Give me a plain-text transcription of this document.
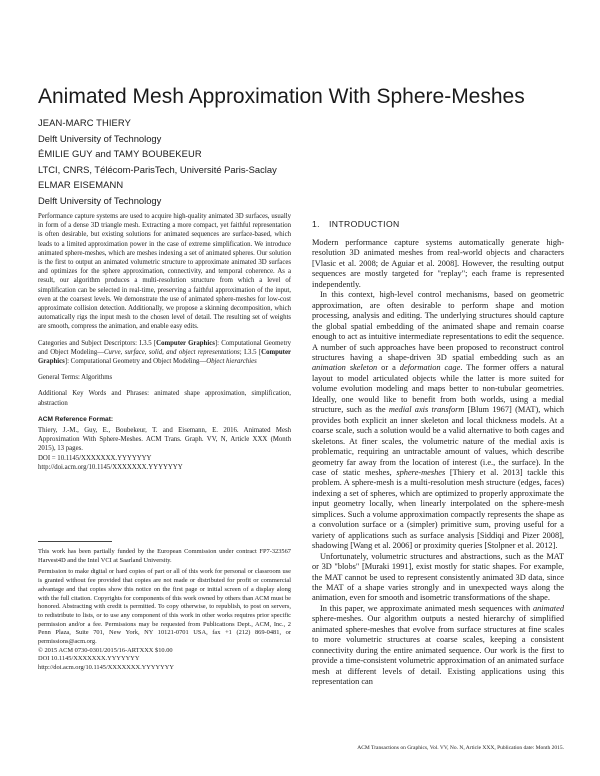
Animated Mesh Approximation With Sphere-Meshes
JEAN-MARC THIERY
Delft University of Technology
ÉMILIE GUY and TAMY BOUBEKEUR
LTCI, CNRS, Télécom-ParisTech, Université Paris-Saclay
ELMAR EISEMANN
Delft University of Technology

Performance capture systems are used to acquire high-quality animated 3D surfaces, usually in form of a dense 3D triangle mesh. Extracting a more compact, yet faithful representation is often desirable, but existing solutions for animated sequences are surface-based, which leads to a limited approximation power in the case of extreme simplification. We introduce animated sphere-meshes, which are meshes indexing a set of animated spheres. Our solution is the first to output an animated volumetric structure to approximate animated 3D surfaces and optimizes for the sphere approximation, connectivity, and temporal coherence. As a result, our algorithm produces a multi-resolution structure from which a level of simplification can be selected in real-time, preserving a faithful approximation of the input, even at the coarsest levels. We demonstrate the use of animated sphere-meshes for low-cost approximate collision detection. Additionally, we propose a skinning decomposition, which automatically rigs the input mesh to the chosen level of detail. The resulting set of weights are smooth, compress the animation, and enable easy edits.

Categories and Subject Descriptors: I.3.5 [Computer Graphics]: Computational Geometry and Object Modeling—Curve, surface, solid, and object representations; I.3.5 [Computer Graphics]: Computational Geometry and Object Modeling—Object hierarchies

General Terms: Algorithms

Additional Key Words and Phrases: animated shape approximation, simplification, abstraction

ACM Reference Format:

Thiery, J.-M., Guy, E., Boubekeur, T. and Eisemann, E. 2016. Animated Mesh Approximation With Sphere-Meshes. ACM Trans. Graph. VV, N, Article XXX (Month 2015), 13 pages.

DOI = 10.1145/XXXXXXX.YYYYYYY
http://doi.acm.org/10.1145/XXXXXXX.YYYYYYY

This work has been partially funded by the European Commission under contract FP7-323567 Harvest4D and the Intel VCI at Saarland University.

Permission to make digital or hard copies of part or all of this work for personal or classroom use is granted without fee provided that copies are not made or distributed for profit or commercial advantage and that copies show this notice on the first page or initial screen of a display along with the full citation. Copyrights for components of this work owned by others than ACM must be honored. Abstracting with credit is permitted. To copy otherwise, to republish, to post on servers, to redistribute to lists, or to use any component of this work in other works requires prior specific permission and/or a fee. Permissions may be requested from Publications Dept., ACM, Inc., 2 Penn Plaza, Suite 701, New York, NY 10121-0701 USA, fax +1 (212) 869-0481, or permissions@acm.org.

© 2015 ACM 0730-0301/2015/16-ARTXXX $10.00
DOI 10.1145/XXXXXXX.YYYYYYY
http://doi.acm.org/10.1145/XXXXXXX.YYYYYYY
1. INTRODUCTION

Modern performance capture systems automatically generate high-resolution 3D animated meshes from real-world objects and characters [Vlasic et al. 2008; de Aguiar et al. 2008]. However, the resulting output sequences are mostly targeted for "replay"; each frame is represented independently.

In this context, high-level control mechanisms, based on geometric approximation, are often desirable to perform shape and motion processing, analysis and editing. The underlying structures should capture the global spatial embedding of the animated shape and remain coarse enough to act as intuitive intermediate representations to edit the sequence. A number of such approaches have been proposed to reconstruct control structures having a shape-driven 3D spatial embedding such as an animation skeleton or a deformation cage. The former offers a natural layout to model articulated objects while the latter is more suited for volume evolution modeling and maps better to non-tubular geometries. Ideally, one would like to benefit from both worlds, using a medial structure, such as the medial axis transform [Blum 1967] (MAT), which provides both explicit an inner skeleton and local thickness models. At a coarse scale, such a solution would be a valid alternative to both cages and skeletons. At finer scales, the volumetric nature of the medial axis is problematic, requiring an untractable amount of values, which describe geometry far away from the location of interest (i.e., the surface). In the case of static meshes, sphere-meshes [Thiery et al. 2013] tackle this problem. A sphere-mesh is a multi-resolution mesh structure (edges, faces) indexing a set of spheres, which are optimized to properly approximate the input geometry locally, when linearly interpolated on the sphere-mesh simplices. Such a volume approximation compactly represents the shape as a convolution surface or a (simpler) primitive sum, proving useful for a variety of applications such as surface analysis [Siddiqi and Pizer 2008], shadowing [Wang et al. 2006] or proximity queries [Stolpner et al. 2012].

Unfortunately, volumetric structures and abstractions, such as the MAT or 3D "blobs" [Muraki 1991], exist mostly for static shapes. For example, the MAT cannot be used to represent consistently animated 3D data, since the MAT of a shape varies strongly and in unexpected ways along the animation, even for smooth and isometric transformations of the shape.

In this paper, we approximate animated mesh sequences with animated sphere-meshes. Our algorithm outputs a nested hierarchy of simplified animated sphere-meshes that evolve from surface structures at fine scales to more volumetric structures at coarse scales, keeping a consistent connectivity during the entire animated sequence. Our work is the first to provide a time-consistent volumetric approximation of an animated surface mesh at different levels of detail. Existing applications using this representation can

ACM Transactions on Graphics, Vol. VV, No. N, Article XXX, Publication date: Month 2015.
